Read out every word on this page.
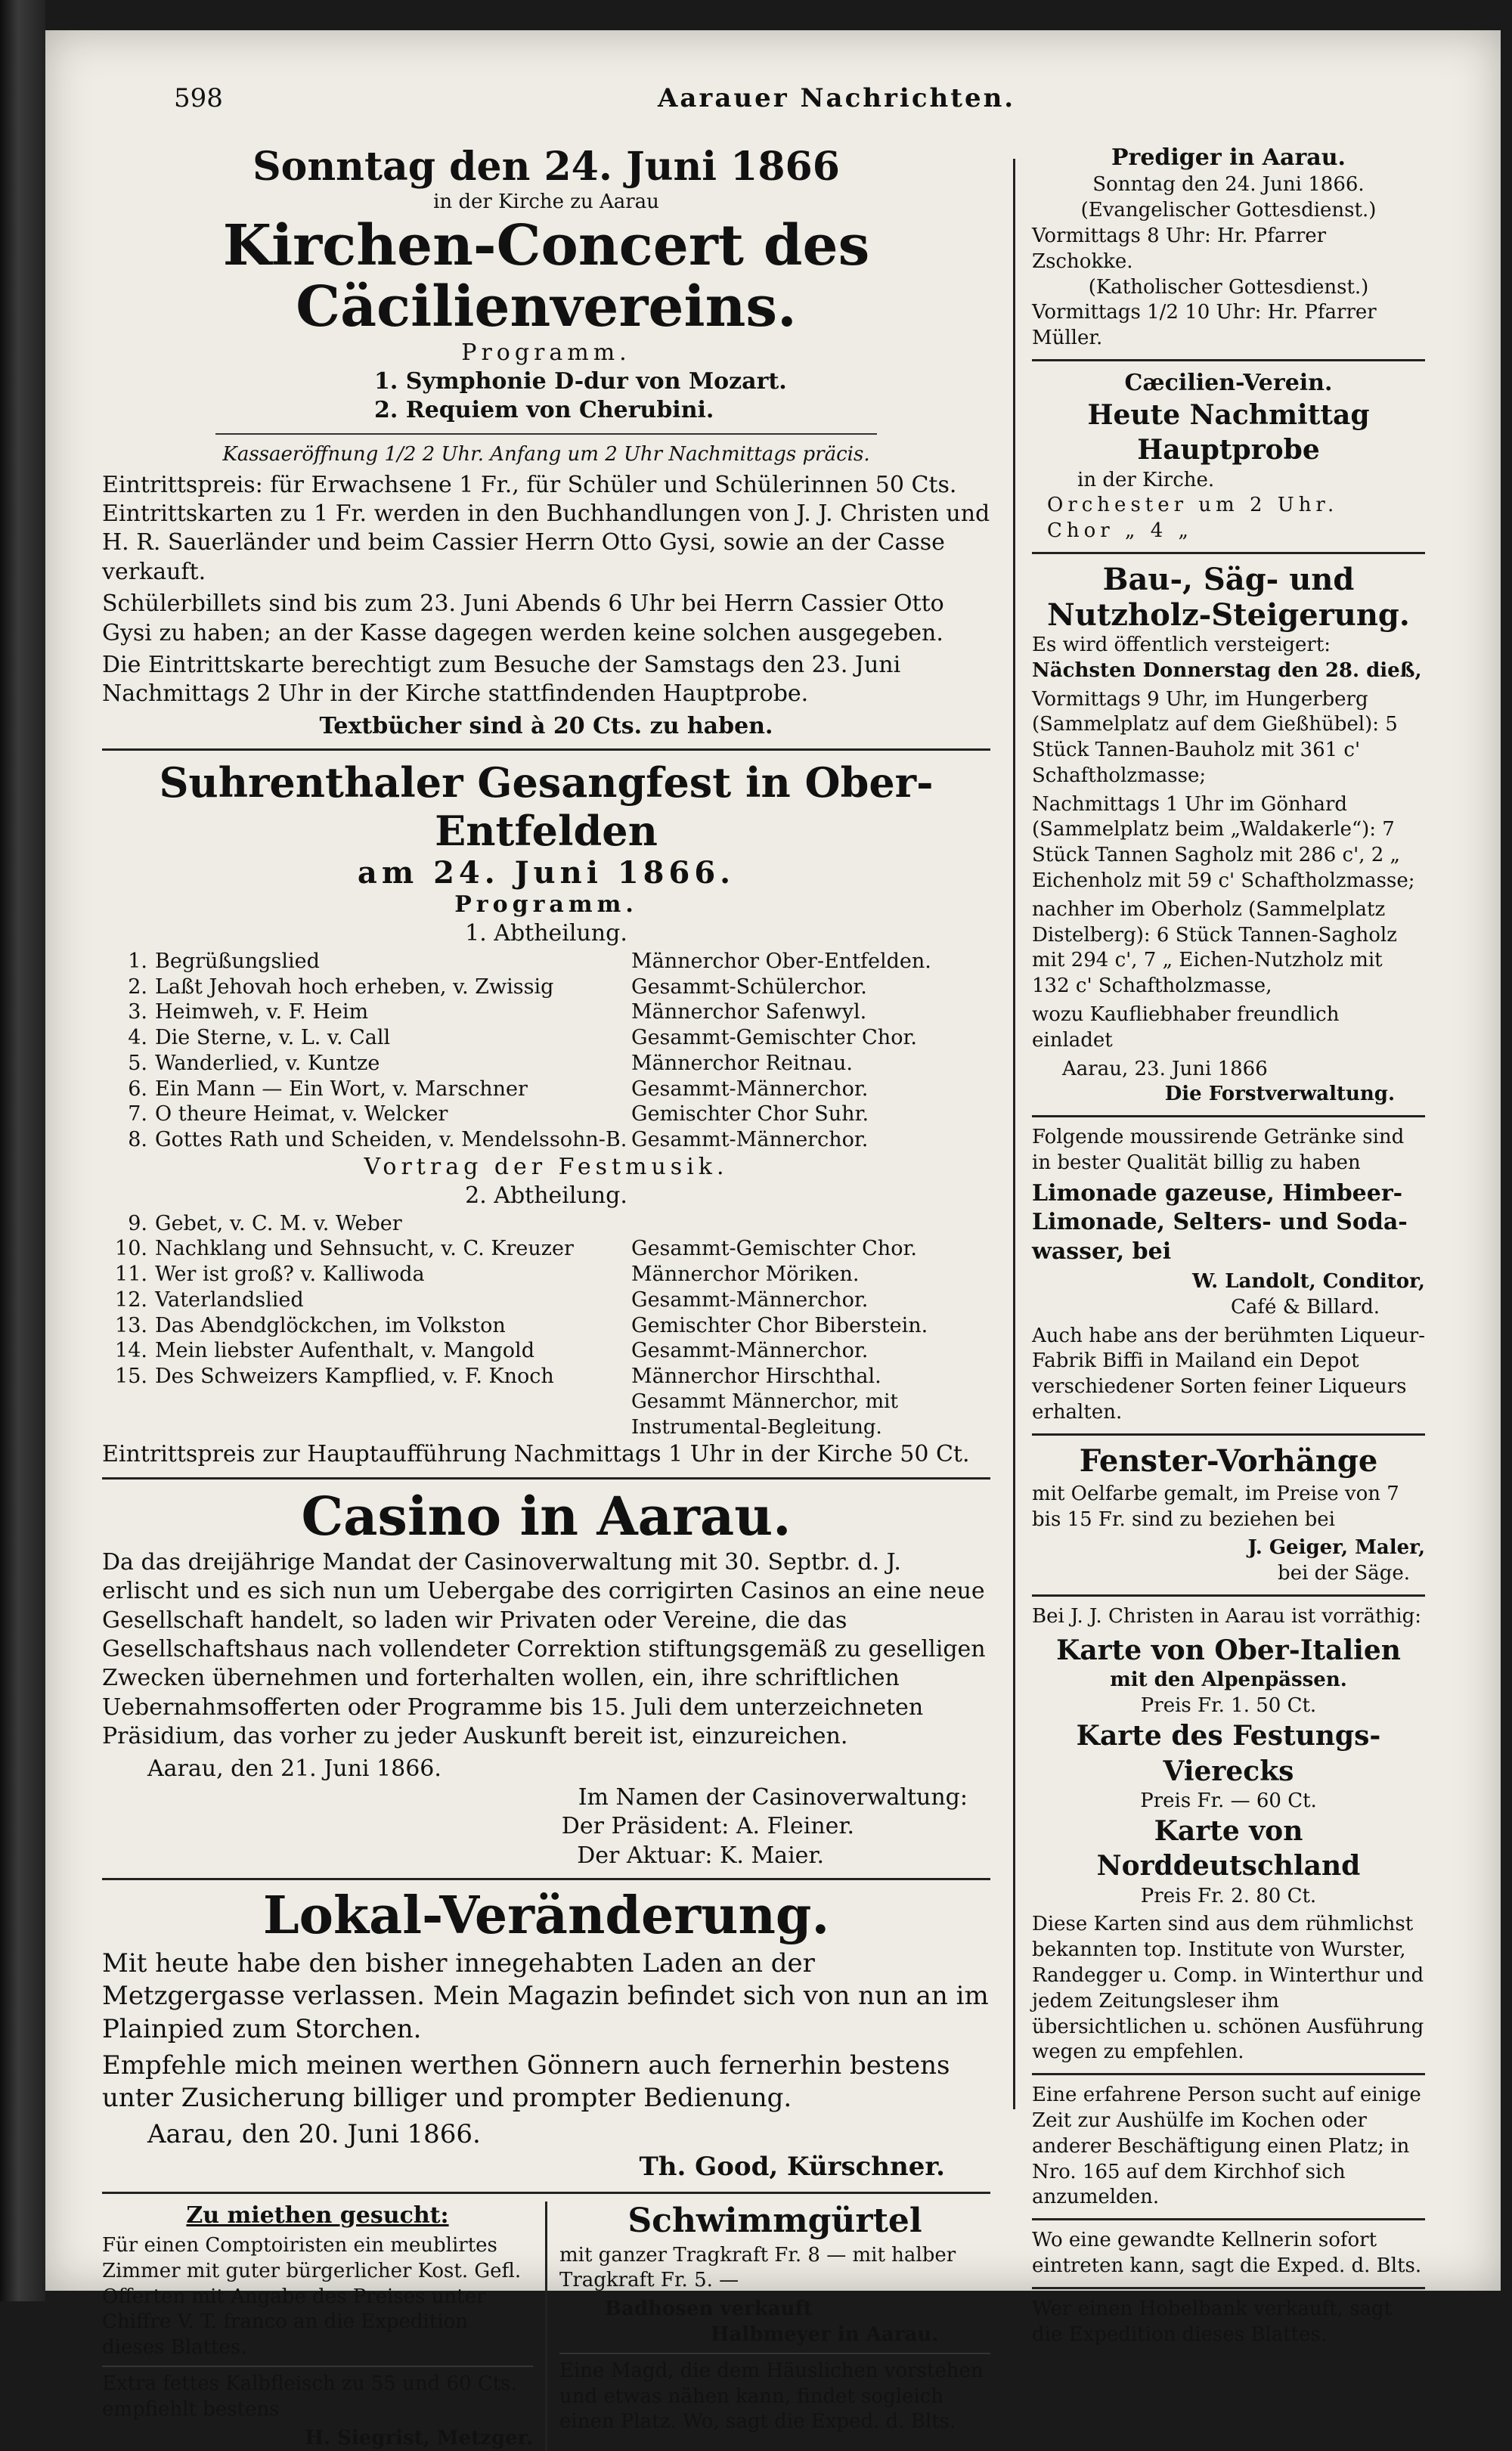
598	Aarauer Nachrichten.
Sonntag den 24. Juni 1866
in der Kirche zu Aarau
Kirchen-Concert des Cäcilienvereins.
Programm.
1. Symphonie D-dur von Mozart.
2. Requiem von Cherubini.
Kassaeröffnung 1/2 2 Uhr. Anfang um 2 Uhr Nachmittags präcis.

Eintrittspreis: für Erwachsene 1 Fr., für Schüler und Schülerinnen 50 Cts. Eintrittskarten zu 1 Fr. werden in den Buchhandlungen von J. J. Christen und H. R. Sauerländer und beim Cassier Herrn Otto Gysi, sowie an der Casse verkauft.

Schülerbillets sind bis zum 23. Juni Abends 6 Uhr bei Herrn Cassier Otto Gysi zu haben; an der Kasse dagegen werden keine solchen ausgegeben.

Die Eintrittskarte berechtigt zum Besuche der Samstags den 23. Juni Nachmittags 2 Uhr in der Kirche stattfindenden Hauptprobe.

Textbücher sind à 20 Cts. zu haben.
Suhrenthaler Gesangfest in Ober-Entfelden
am 24. Juni 1866.
Programm.
1. Abtheilung.
1. Begrüßungslied	Männerchor Ober-Entfelden.
2. Laßt Jehovah hoch erheben, v. Zwissig	Gesammt-Schülerchor.
3. Heimweh, v. F. Heim	Männerchor Safenwyl.
4. Die Sterne, v. L. v. Call	Gesammt-Gemischter Chor.
5. Wanderlied, v. Kuntze	Männerchor Reitnau.
6. Ein Mann — Ein Wort, v. Marschner	Gesammt-Männerchor.
7. O theure Heimat, v. Welcker	Gemischter Chor Suhr.
8. Gottes Rath und Scheiden, v. Mendelssohn-B. Gesammt-Männerchor.
Vortrag der Festmusik.
2. Abtheilung.
9. Gebet, v. C. M. v. Weber
10. Nachklang und Sehnsucht, v. C. Kreuzer	Gesammt-Gemischter Chor.
11. Wer ist groß? v. Kalliwoda	Männerchor Möriken.
12. Vaterlandslied	Gesammt-Männerchor.
13. Das Abendglöckchen, im Volkston	Gemischter Chor Biberstein.
14. Mein liebster Aufenthalt, v. Mangold	Gesammt-Männerchor.
15. Des Schweizers Kampflied, v. F. Knoch	Männerchor Hirschthal.
Gesammt Männerchor, mit Instrumental-Begleitung.
Eintrittspreis zur Hauptaufführung Nachmittags 1 Uhr in der Kirche 50 Ct.
Casino in Aarau.

Da das dreijährige Mandat der Casinoverwaltung mit 30. Septbr. d. J. erlischt und es sich nun um Uebergabe des corrigirten Casinos an eine neue Gesellschaft handelt, so laden wir Privaten oder Vereine, die das Gesellschaftshaus nach vollendeter Correktion stiftungsgemäß zu geselligen Zwecken übernehmen und forterhalten wollen, ein, ihre schriftlichen Uebernahmsofferten oder Programme bis 15. Juli dem unterzeichneten Präsidium, das vorher zu jeder Auskunft bereit ist, einzureichen.

Aarau, den 21. Juni 1866.
Im Namen der Casinoverwaltung:
Der Präsident: A. Fleiner.
Der Aktuar: K. Maier.
Lokal-Veränderung.

Mit heute habe den bisher innegehabten Laden an der Metzgergasse verlassen. Mein Magazin befindet sich von nun an im Plainpied zum Storchen.

Empfehle mich meinen werthen Gönnern auch fernerhin bestens unter Zusicherung billiger und prompter Bedienung.

Aarau, den 20. Juni 1866.
Th. Good, Kürschner.
Zu miethen gesucht:

Für einen Comptoiristen ein meublirtes Zimmer mit guter bürgerlicher Kost. Gefl. Offerten mit Angabe des Preises unter Chiffre V. T. franco an die Expedition dieses Blattes.

Extra fettes Kalbfleisch zu 55 und 60 Cts. empfiehlt bestens

H. Siegrist, Metzger.
Schwimmgürtel

mit ganzer Tragkraft Fr. 8 — mit halber Tragkraft Fr. 5. —

Badhosen verkauft
Halbmeyer in Aarau.

Eine Magd, die dem Häuslichen vorstehen und etwas nähen kann, findet sogleich einen Platz. Wo, sagt die Exped. d. Blts.

Prediger in Aarau.
Sonntag den 24. Juni 1866.
(Evangelischer Gottesdienst.)
Vormittags 8 Uhr: Hr. Pfarrer Zschokke.
(Katholischer Gottesdienst.)
Vormittags 1/2 10 Uhr: Hr. Pfarrer Müller.
Cæcilien-Verein.
Heute Nachmittag Hauptprobe
in der Kirche.
Orchester um 2 Uhr.
Chor „ 4 „
Bau-, Säg- und Nutzholz-Steigerung.
Es wird öffentlich versteigert:
Nächsten Donnerstag den 28. dieß,

Vormittags 9 Uhr, im Hungerberg (Sammelplatz auf dem Gießhübel): 5 Stück Tannen-Bauholz mit 361 c' Schaftholzmasse;

Nachmittags 1 Uhr im Gönhard (Sammelplatz beim „Waldakerle“): 7 Stück Tannen Sagholz mit 286 c', 2 „ Eichenholz mit 59 c' Schaftholzmasse;

nachher im Oberholz (Sammelplatz Distelberg): 6 Stück Tannen-Sagholz mit 294 c', 7 „ Eichen-Nutzholz mit 132 c' Schaftholzmasse,

wozu Kaufliebhaber freundlich einladet

Aarau, 23. Juni 1866
Die Forstverwaltung.

Folgende moussirende Getränke sind in bester Qualität billig zu haben

Limonade gazeuse, Himbeer-Limonade, Selters- und Soda-wasser, bei

W. Landolt, Conditor,
Café & Billard.

Auch habe ans der berühmten Liqueur-Fabrik Biffi in Mailand ein Depot verschiedener Sorten feiner Liqueurs erhalten.

Fenster-Vorhänge

mit Oelfarbe gemalt, im Preise von 7 bis 15 Fr. sind zu beziehen bei

J. Geiger, Maler,
bei der Säge.

Bei J. J. Christen in Aarau ist vorräthig:

Karte von Ober-Italien
mit den Alpenpässen.
Preis Fr. 1. 50 Ct.
Karte des Festungs-Vierecks
Preis Fr. — 60 Ct.
Karte von Norddeutschland
Preis Fr. 2. 80 Ct.

Diese Karten sind aus dem rühmlichst bekannten top. Institute von Wurster, Randegger u. Comp. in Winterthur und jedem Zeitungsleser ihm übersichtlichen u. schönen Ausführung wegen zu empfehlen.

Eine erfahrene Person sucht auf einige Zeit zur Aushülfe im Kochen oder anderer Beschäftigung einen Platz; in Nro. 165 auf dem Kirchhof sich anzumelden.

Wo eine gewandte Kellnerin sofort eintreten kann, sagt die Exped. d. Blts.

Wer einen Hobelbank verkauft, sagt die Expedition dieses Blattes.
